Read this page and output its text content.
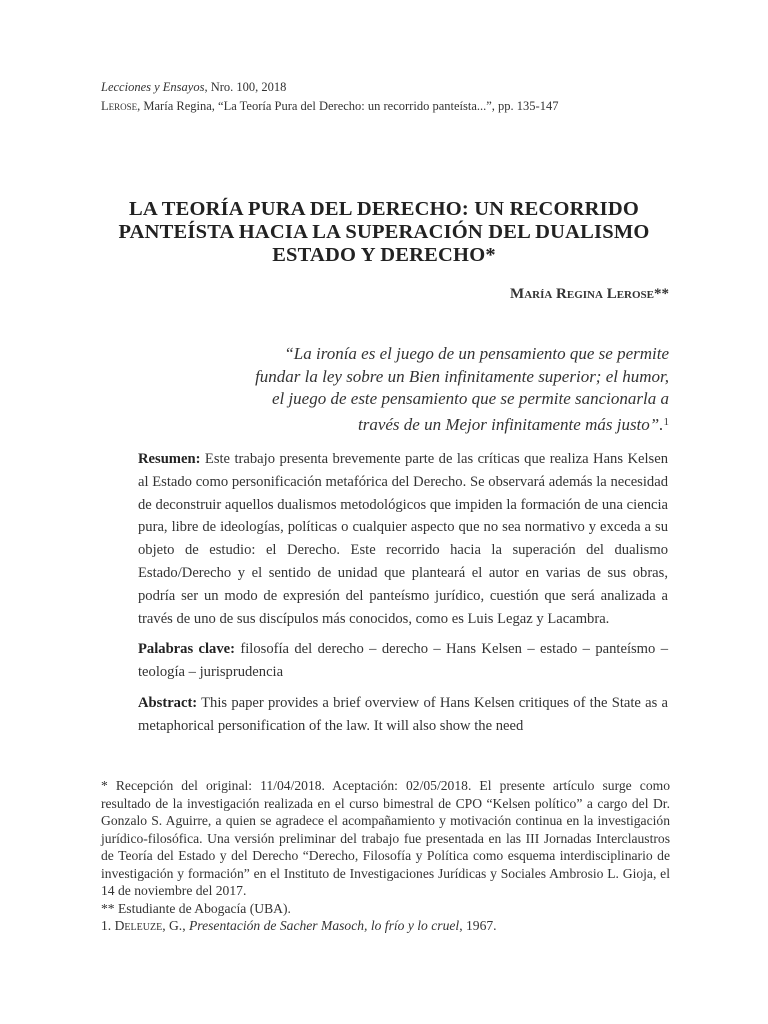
Lecciones y Ensayos, Nro. 100, 2018
Lerose, María Regina, “La Teoría Pura del Derecho: un recorrido panteísta...”, pp. 135-147
LA TEORÍA PURA DEL DERECHO: UN RECORRIDO
PANTEÍSTA HACIA LA SUPERACIÓN DEL DUALISMO
ESTADO Y DERECHO*
María Regina Lerose**
“La ironía es el juego de un pensamiento que se permite
fundar la ley sobre un Bien infinitamente superior; el humor,
el juego de este pensamiento que se permite sancionarla a
través de un Mejor infinitamente más justo”.$^1$

Resumen: Este trabajo presenta brevemente parte de las críticas que realiza Hans Kelsen al Estado como personificación metafórica del Derecho. Se observará además la necesidad de deconstruir aquellos dualismos metodológicos que impiden la formación de una ciencia pura, libre de ideologías, políticas o cualquier aspecto que no sea normativo y exceda a su objeto de estudio: el Derecho. Este recorrido hacia la superación del dualismo Estado/Derecho y el sentido de unidad que planteará el autor en varias de sus obras, podría ser un modo de expresión del panteísmo jurídico, cuestión que será analizada a través de uno de sus discípulos más conocidos, como es Luis Legaz y Lacambra.

Palabras clave: filosofía del derecho – derecho – Hans Kelsen – estado – panteísmo – teología – jurisprudencia

Abstract: This paper provides a brief overview of Hans Kelsen critiques of the State as a metaphorical personification of the law. It will also show the need

* Recepción del original: 11/04/2018. Aceptación: 02/05/2018. El presente artículo surge como resultado de la investigación realizada en el curso bimestral de CPO “Kelsen político” a cargo del Dr. Gonzalo S. Aguirre, a quien se agradece el acompañamiento y motivación continua en la investigación jurídico-filosófica. Una versión preliminar del trabajo fue presentada en las III Jornadas Interclaustros de Teoría del Estado y del Derecho “Derecho, Filosofía y Política como esquema interdisciplinario de investigación y formación” en el Instituto de Investigaciones Jurídicas y Sociales Ambrosio L. Gioja, el 14 de noviembre del 2017.

** Estudiante de Abogacía (UBA).

1. Deleuze, G., Presentación de Sacher Masoch, lo frío y lo cruel, 1967.
